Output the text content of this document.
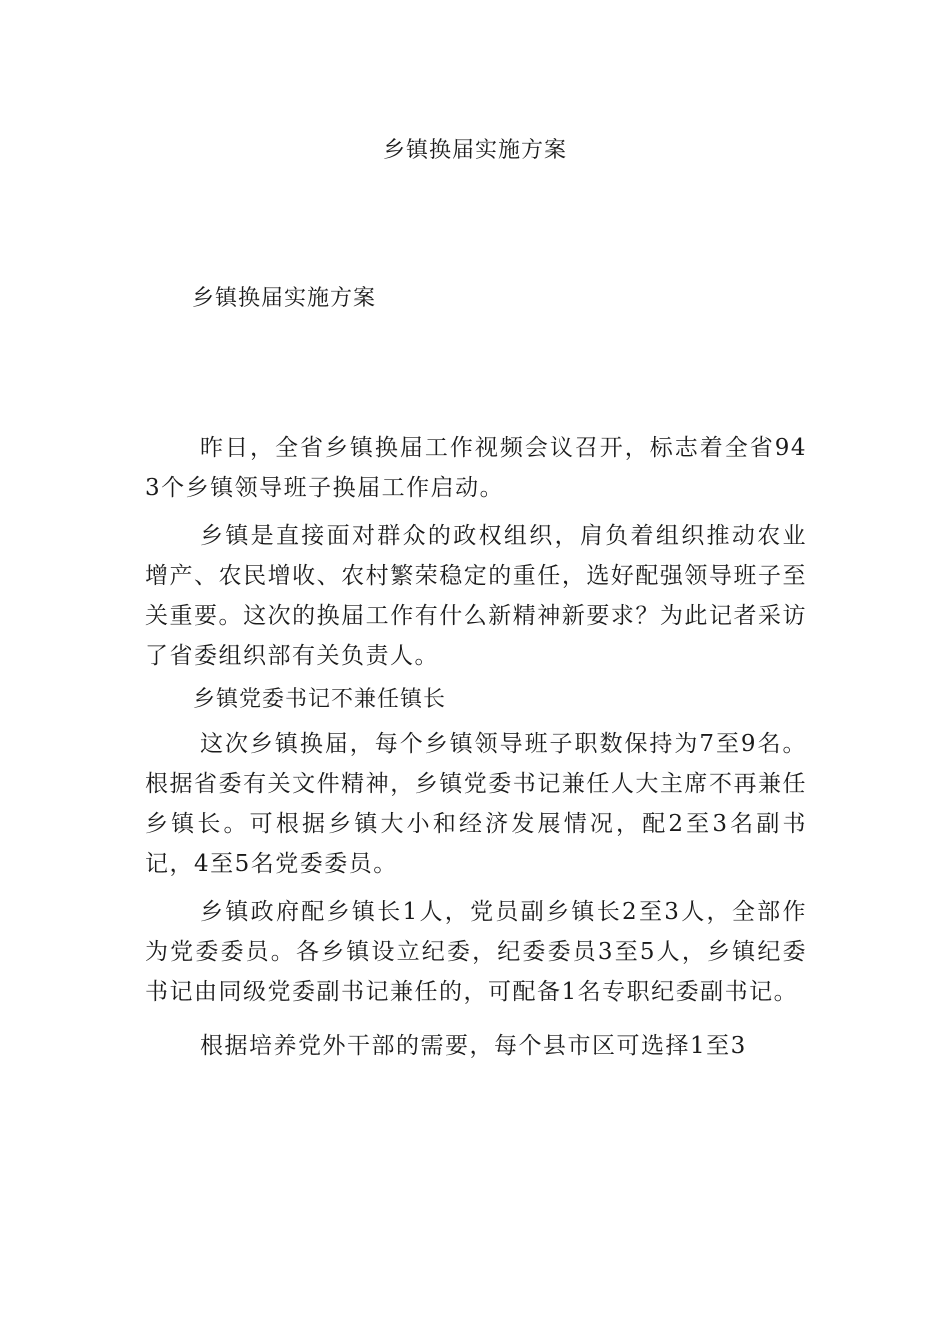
乡镇换届实施方案
乡镇换届实施方案

昨日，全省乡镇换届工作视频会议召开，标志着全省943个乡镇领导班子换届工作启动。

乡镇是直接面对群众的政权组织，肩负着组织推动农业增产、农民增收、农村繁荣稳定的重任，选好配强领导班子至关重要。这次的换届工作有什么新精神新要求？为此记者采访了省委组织部有关负责人。

乡镇党委书记不兼任镇长

这次乡镇换届，每个乡镇领导班子职数保持为7至9名。根据省委有关文件精神，乡镇党委书记兼任人大主席不再兼任乡镇长。可根据乡镇大小和经济发展情况，配2至3名副书记，4至5名党委委员。

乡镇政府配乡镇长1人，党员副乡镇长2至3人，全部作为党委委员。各乡镇设立纪委，纪委委员3至5人，乡镇纪委书记由同级党委副书记兼任的，可配备1名专职纪委副书记。

根据培养党外干部的需要，每个县市区可选择1至3
